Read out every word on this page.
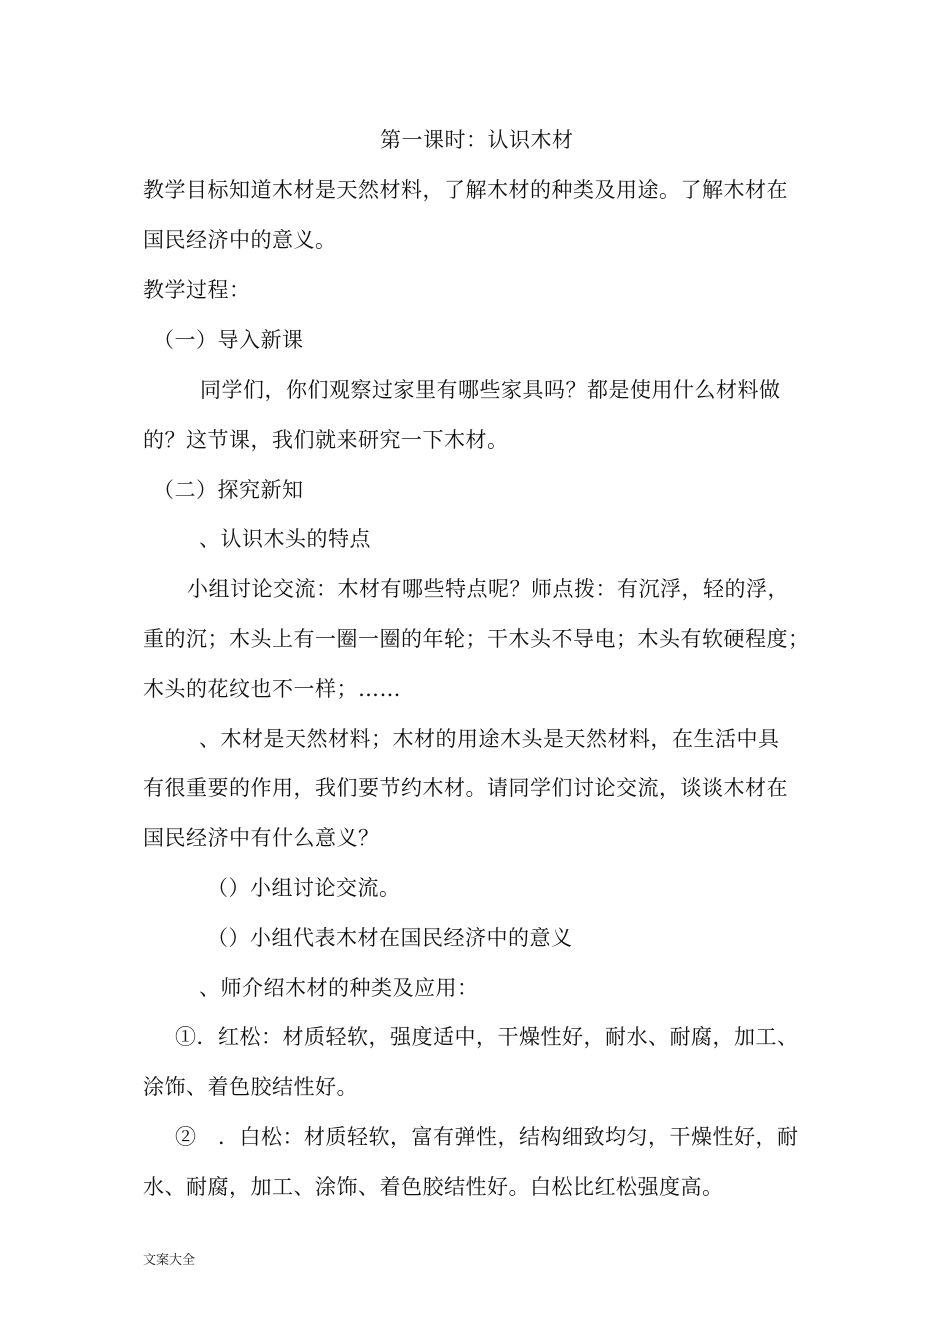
第一课时：认识木材
教学目标知道木材是天然材料，了解木材的种类及用途。了解木材在
国民经济中的意义。
教学过程：
（一）导入新课
同学们，你们观察过家里有哪些家具吗？都是使用什么材料做
的？这节课，我们就来研究一下木材。
（二）探究新知
、认识木头的特点
小组讨论交流：木材有哪些特点呢？师点拨：有沉浮，轻的浮，
重的沉；木头上有一圈一圈的年轮；干木头不导电；木头有软硬程度；
木头的花纹也不一样；……
、木材是天然材料；木材的用途木头是天然材料，在生活中具
有很重要的作用，我们要节约木材。请同学们讨论交流，谈谈木材在
国民经济中有什么意义？
（）小组讨论交流。
（）小组代表木材在国民经济中的意义
、师介绍木材的种类及应用：
①．红松：材质轻软，强度适中，干燥性好，耐水、耐腐，加工、
涂饰、着色胶结性好。
②　．白松：材质轻软，富有弹性，结构细致均匀，干燥性好，耐
水、耐腐，加工、涂饰、着色胶结性好。白松比红松强度高。
文案大全
